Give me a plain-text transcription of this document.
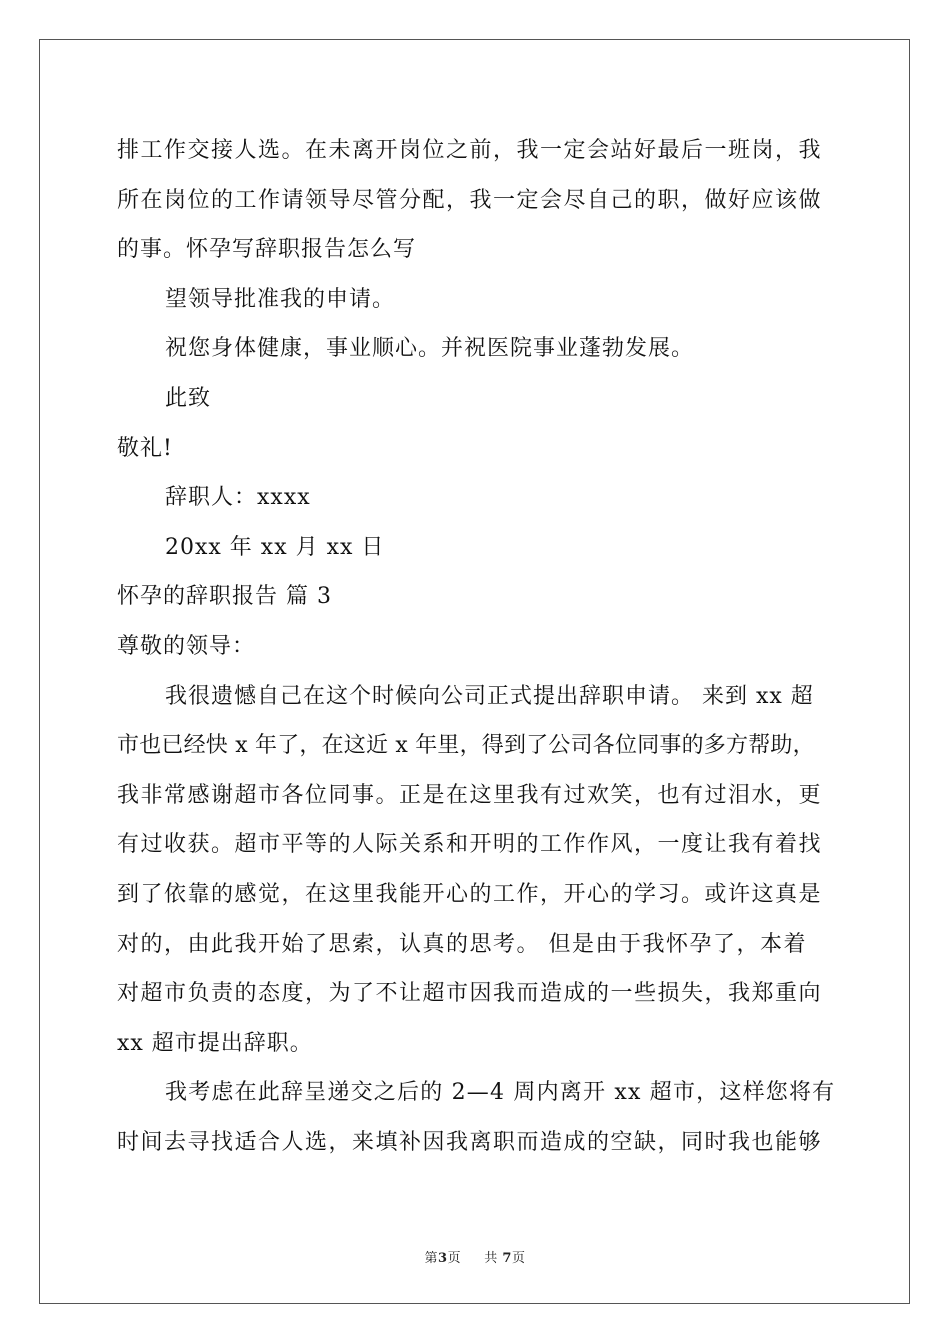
排工作交接人选。在未离开岗位之前，我一定会站好最后一班岗，我
所在岗位的工作请领导尽管分配，我一定会尽自己的职，做好应该做
的事。怀孕写辞职报告怎么写
望领导批准我的申请。
祝您身体健康，事业顺心。并祝医院事业蓬勃发展。
此致
敬礼!
辞职人：xxxx
20xx 年 xx 月 xx 日
怀孕的辞职报告 篇 3
尊敬的领导：
我很遗憾自己在这个时候向公司正式提出辞职申请。 来到 xx 超
市也已经快 x 年了，在这近 x 年里，得到了公司各位同事的多方帮助，
我非常感谢超市各位同事。正是在这里我有过欢笑，也有过泪水，更
有过收获。超市平等的人际关系和开明的工作作风，一度让我有着找
到了依靠的感觉，在这里我能开心的工作，开心的学习。或许这真是
对的，由此我开始了思索，认真的思考。 但是由于我怀孕了，本着
对超市负责的态度，为了不让超市因我而造成的一些损失，我郑重向
xx 超市提出辞职。
我考虑在此辞呈递交之后的 2—4 周内离开 xx 超市，这样您将有
时间去寻找适合人选，来填补因我离职而造成的空缺，同时我也能够
第3页 共 7页
